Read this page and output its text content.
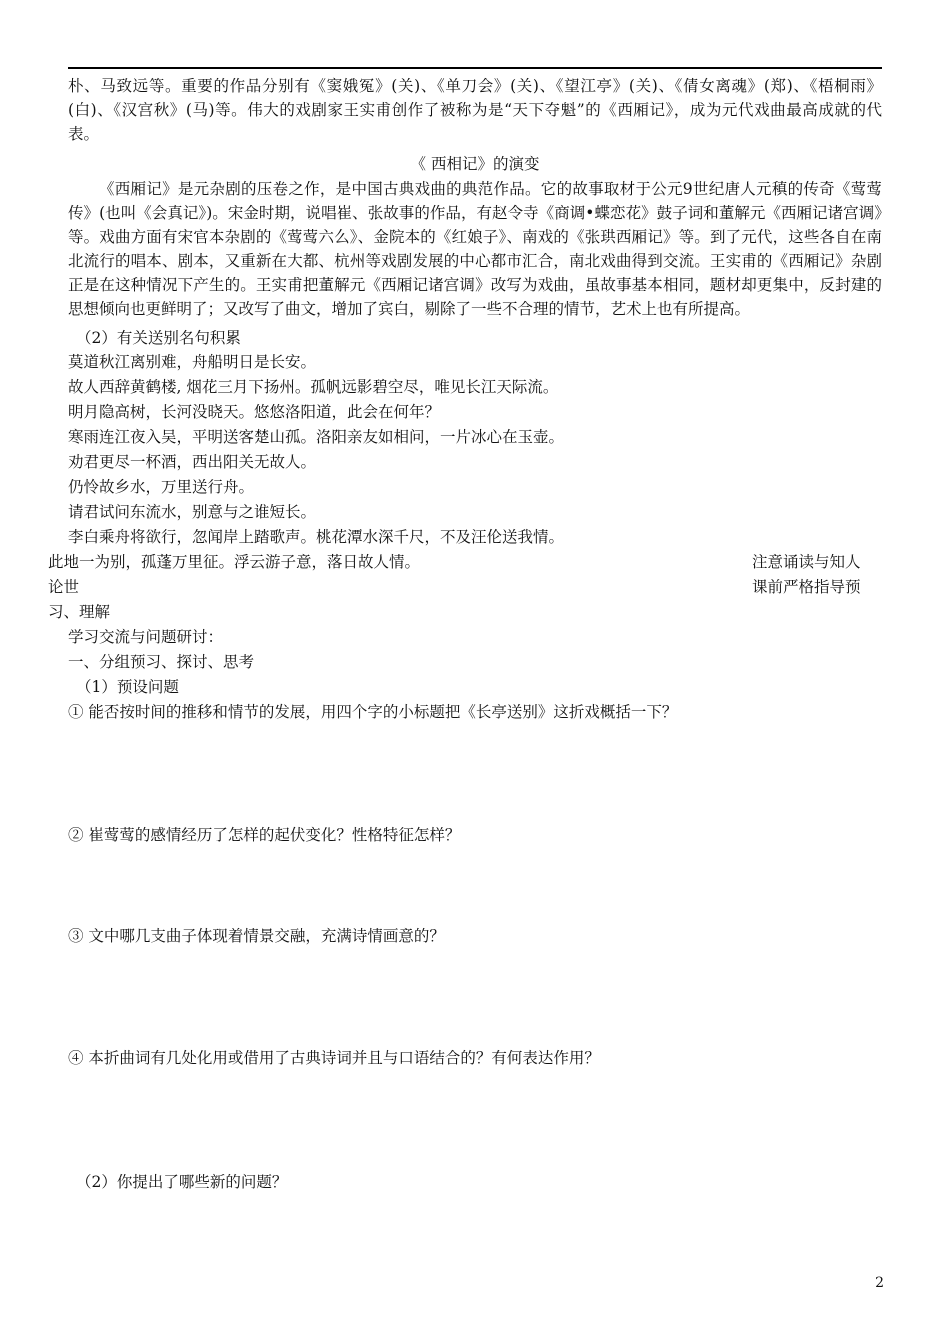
朴、马致远等。重要的作品分别有《窦娥冤》(关)、《单刀会》(关)、《望江亭》(关)、《倩女离魂》(郑)、《梧桐雨》(白)、《汉宫秋》(马)等。伟大的戏剧家王实甫创作了被称为是“天下夺魁”的《西厢记》，成为元代戏曲最高成就的代表。
《 西相记》的演变
《西厢记》是元杂剧的压卷之作，是中国古典戏曲的典范作品。它的故事取材于公元9世纪唐人元稹的传奇《莺莺传》(也叫《会真记》)。宋金时期，说唱崔、张故事的作品，有赵令寺《商调•蝶恋花》鼓子词和董解元《西厢记诸宫调》等。戏曲方面有宋官本杂剧的《莺莺六么》、金院本的《红娘子》、南戏的《张珙西厢记》等。到了元代，这些各自在南北流行的唱本、剧本，又重新在大都、杭州等戏剧发展的中心都市汇合，南北戏曲得到交流。王实甫的《西厢记》杂剧正是在这种情况下产生的。王实甫把董解元《西厢记诸宫调》改写为戏曲，虽故事基本相同，题材却更集中，反封建的思想倾向也更鲜明了；又改写了曲文，增加了宾白，剔除了一些不合理的情节，艺术上也有所提高。
（2）有关送别名句积累
莫道秋江离别难，舟船明日是长安。
故人西辞黄鹤楼, 烟花三月下扬州。孤帆远影碧空尽，唯见长江天际流。
明月隐高树，长河没晓天。悠悠洛阳道，此会在何年？
寒雨连江夜入吴，平明送客楚山孤。洛阳亲友如相问，一片冰心在玉壶。
劝君更尽一杯酒，西出阳关无故人。
仍怜故乡水，万里送行舟。
请君试问东流水，别意与之谁短长。
李白乘舟将欲行，忽闻岸上踏歌声。桃花潭水深千尺，不及汪伦送我情。
此地一为别，孤蓬万里征。浮云游子意，落日故人情。	注意诵读与知人
论世	课前严格指导预
习、理解
学习交流与问题研讨：
一、分组预习、探讨、思考
（1）预设问题
① 能否按时间的推移和情节的发展，用四个字的小标题把《长亭送别》这折戏概括一下？
② 崔莺莺的感情经历了怎样的起伏变化？性格特征怎样？
③ 文中哪几支曲子体现着情景交融，充满诗情画意的？
④ 本折曲词有几处化用或借用了古典诗词并且与口语结合的？有何表达作用？
（2）你提出了哪些新的问题？
2
